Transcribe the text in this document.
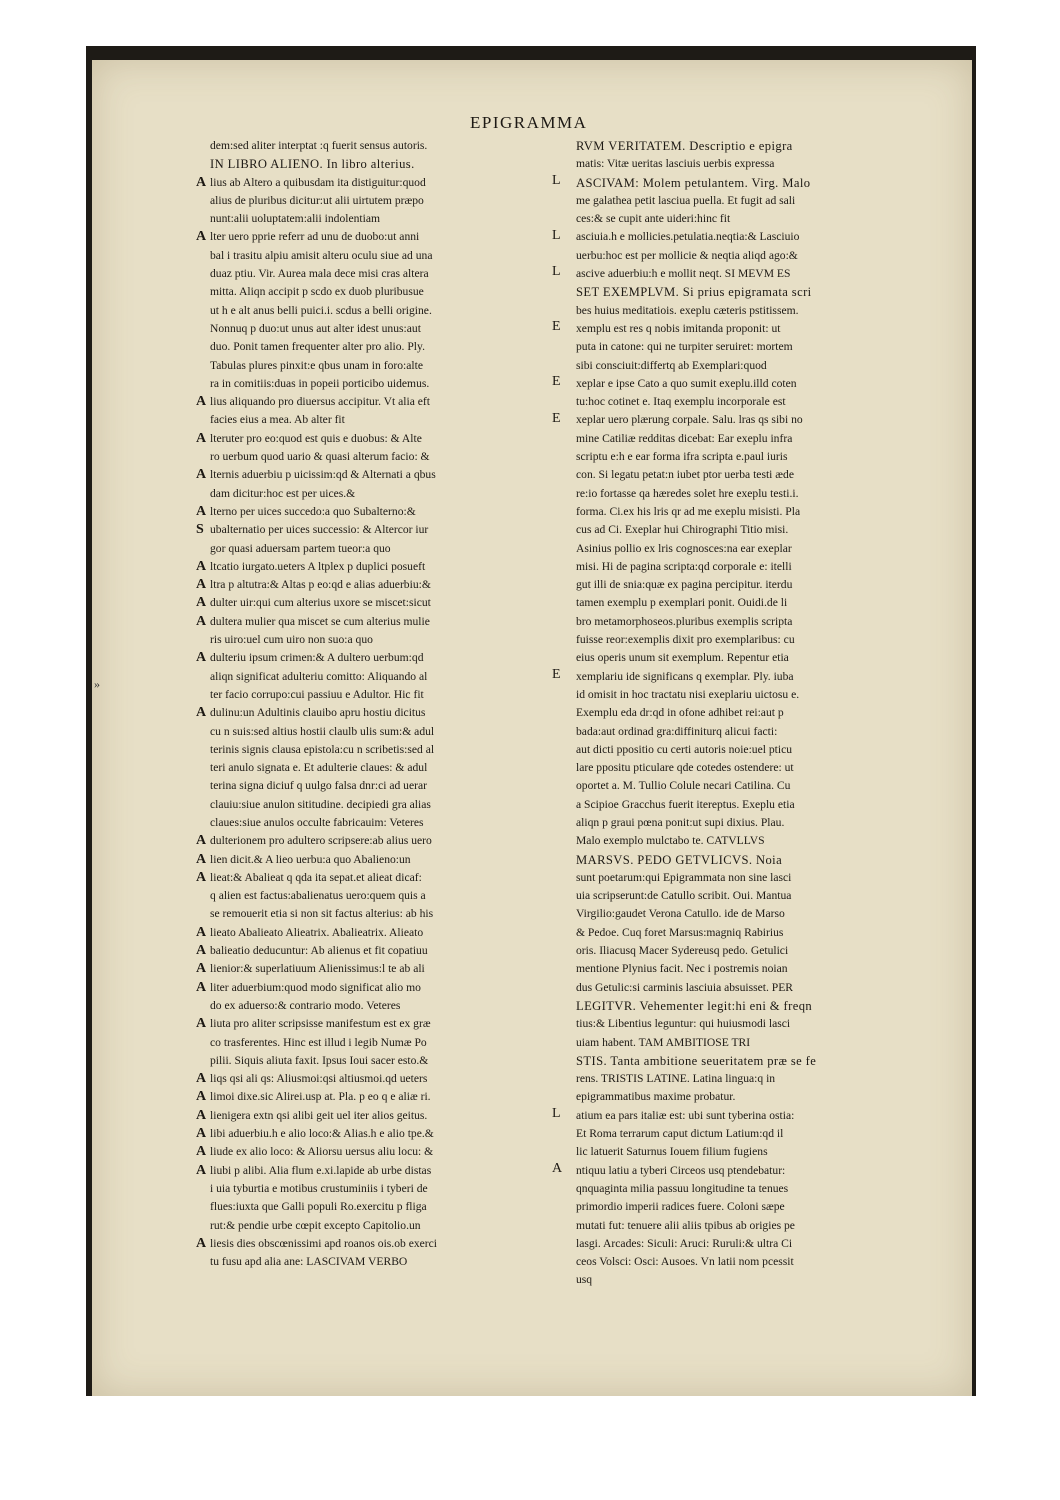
EPIGRAMMA
»
dem:sed aliter interptat :q fuerit sensus autoris.
IN LIBRO ALIENO. In libro alterius.
A lius ab Altero a quibusdam ita distiguitur:quod
alius de pluribus dicitur:ut alii uirtutem præpo
nunt:alii uoluptatem:alii indolentiam
A lter uero pprie referr ad unu de duobo:ut anni
bal i trasitu alpiu amisit alteru oculu siue ad una
duaz ptiu. Vir. Aurea mala dece misi cras altera
mitta. Aliqn accipit p scdo ex duob pluribusue
ut h e alt anus belli puici.i. scdus a belli origine.
Nonnuq p duo:ut unus aut alter idest unus:aut
duo. Ponit tamen frequenter alter pro alio. Ply.
Tabulas plures pinxit:e qbus unam in foro:alte
ra in comitiis:duas in popeii porticibo uidemus.
A lius aliquando pro diuersus accipitur. Vt alia eft
facies eius a mea. Ab alter fit
A lteruter pro eo:quod est quis e duobus: & Alte
ro uerbum quod uario & quasi alterum facio: &
A lternis aduerbiu p uicissim:qd & Alternati a qbus
dam dicitur:hoc est per uices.&
A lterno per uices succedo:a quo Subalterno:&
S ubalternatio per uices successio: & Altercor iur
gor quasi aduersam partem tueor:a quo
A ltcatio iurgato.ueters A ltplex p duplici posueft
A ltra p altutra:& Altas p eo:qd e alias aduerbiu:&
A dulter uir:qui cum alterius uxore se miscet:sicut
A dultera mulier qua miscet se cum alterius mulie
ris uiro:uel cum uiro non suo:a quo
A dulteriu ipsum crimen:& A dultero uerbum:qd
aliqn significat adulteriu comitto: Aliquando al
ter facio corrupo:cui passiuu e Adultor. Hic fit
A dulinu:un Adultinis clauibo apru hostiu dicitus
cu n suis:sed altius hostii claulb ulis sum:& adul
terinis signis clausa epistola:cu n scribetis:sed al
teri anulo signata e. Et adulterie claues: & adul
terina signa diciuf q uulgo falsa dnr:ci ad uerar
clauiu:siue anulon sititudine. decipiedi gra alias
claues:siue anulos occulte fabricauim: Veteres
A dulterionem pro adultero scripsere:ab alius uero
A lien dicit.& A lieo uerbu:a quo Abalieno:un
A lieat:& Abalieat q qda ita sepat.et alieat dicaf:
q alien est factus:abalienatus uero:quem quis a
se remouerit etia si non sit factus alterius: ab his
A lieato Abalieato Alieatrix. Abalieatrix. Alieato
A balieatio deducuntur: Ab alienus et fit copatiuu
A lienior:& superlatiuum Alienissimus:l te ab ali
A liter aduerbium:quod modo significat alio mo
do ex aduerso:& contrario modo. Veteres
A liuta pro aliter scripsisse manifestum est ex græ
co trasferentes. Hinc est illud i legib Numæ Po
pilii. Siquis aliuta faxit. Ipsus Ioui sacer esto.&
A liqs qsi ali qs: Aliusmoi:qsi altiusmoi.qd ueters
A limoi dixe.sic Alirei.usp at. Pla. p eo q e aliæ ri.
A lienigera extn qsi alibi geit uel iter alios geitus.
A libi aduerbiu.h e alio loco:& Alias.h e alio tpe.&
A liude ex alio loco: & Aliorsu uersus aliu locu: &
A liubi p alibi. Alia flum e.xi.lapide ab urbe distas
i uia tyburtia e motibus crustuminiis i tyberi de
flues:iuxta que Galli populi Ro.exercitu p fliga
rut:& pendie urbe cœpit excepto Capitolio.un
A liesis dies obscœnissimi apd roanos ois.ob exerci
tu fusu apd alia ane: LASCIVAM VERBO
RVM VERITATEM. Descriptio e epigra
matis: Vitæ ueritas lasciuis uerbis expressa
ASCIVAM: Molem petulantem. Virg. Malo
me galathea petit lasciua puella. Et fugit ad sali
ces:& se cupit ante uideri:hinc fit
asciuia.h e mollicies.petulatia.neqtia:& Lasciuio
uerbu:hoc est per mollicie & neqtia aliqd ago:&
ascive aduerbiu:h e mollit neqt. SI MEVM ES
SET EXEMPLVM. Si prius epigramata scri
bes huius meditatiois. exeplu cæteris pstitissem.
xemplu est res q nobis imitanda proponit: ut
puta in catone: qui ne turpiter seruiret: mortem
sibi consciuit:differtq ab Exemplari:quod
xeplar e ipse Cato a quo sumit exeplu.illd coten
tu:hoc cotinet e. Itaq exemplu incorporale est
xeplar uero plærung corpale. Salu. lras qs sibi no
mine Catiliæ redditas dicebat: Ear exeplu infra
scriptu e:h e ear forma ifra scripta e.paul iuris
con. Si legatu petat:n iubet ptor uerba testi æde
re:io fortasse qa hæredes solet hre exeplu testi.i.
forma. Ci.ex his lris qr ad me exeplu misisti. Pla
cus ad Ci. Exeplar hui Chirographi Titio misi.
Asinius pollio ex lris cognosces:na ear exeplar
misi. Hi de pagina scripta:qd corporale e: itelli
gut illi de snia:quæ ex pagina percipitur. iterdu
tamen exemplu p exemplari ponit. Ouidi.de li
bro metamorphoseos.pluribus exemplis scripta
fuisse reor:exemplis dixit pro exemplaribus: cu
eius operis unum sit exemplum. Repentur etia
xemplariu ide significans q exemplar. Ply. iuba
id omisit in hoc tractatu nisi exeplariu uictosu e.
Exemplu eda dr:qd in ofone adhibet rei:aut p
bada:aut ordinad gra:diffiniturq alicui facti:
aut dicti ppositio cu certi autoris noie:uel pticu
lare ppositu pticulare qde cotedes ostendere: ut
oportet a. M. Tullio Colule necari Catilina. Cu
a Scipioe Gracchus fuerit itereptus. Exeplu etia
aliqn p graui pœna ponit:ut supi dixius. Plau.
Malo exemplo mulctabo te. CATVLLVS
MARSVS. PEDO GETVLICVS. Noia
sunt poetarum:qui Epigrammata non sine lasci
uia scripserunt:de Catullo scribit. Oui. Mantua
Virgilio:gaudet Verona Catullo. ide de Marso
& Pedoe. Cuq foret Marsus:magniq Rabirius
oris. Iliacusq Macer Sydereusq pedo. Getulici
mentione Plynius facit. Nec i postremis noian
dus Getulic:si carminis lasciuia absuisset. PER
LEGITVR. Vehementer legit:hi eni & freqn
tius:& Libentius leguntur: qui huiusmodi lasci
uiam habent. TAM AMBITIOSE TRI
STIS. Tanta ambitione seueritatem præ se fe
rens. TRISTIS LATINE. Latina lingua:q in
epigrammatibus maxime probatur.
atium ea pars italiæ est: ubi sunt tyberina ostia:
Et Roma terrarum caput dictum Latium:qd il
lic latuerit Saturnus Iouem filium fugiens
ntiquu latiu a tyberi Circeos usq ptendebatur:
qnquaginta milia passuu longitudine ta tenues
primordio imperii radices fuere. Coloni sæpe
mutati fut: tenuere alii aliis tpibus ab origies pe
lasgi. Arcades: Siculi: Aruci: Ruruli:& ultra Ci
ceos Volsci: Osci: Ausoes. Vn latii nom pcessit
usq
L
L
L
E
E
E
E
L
A
